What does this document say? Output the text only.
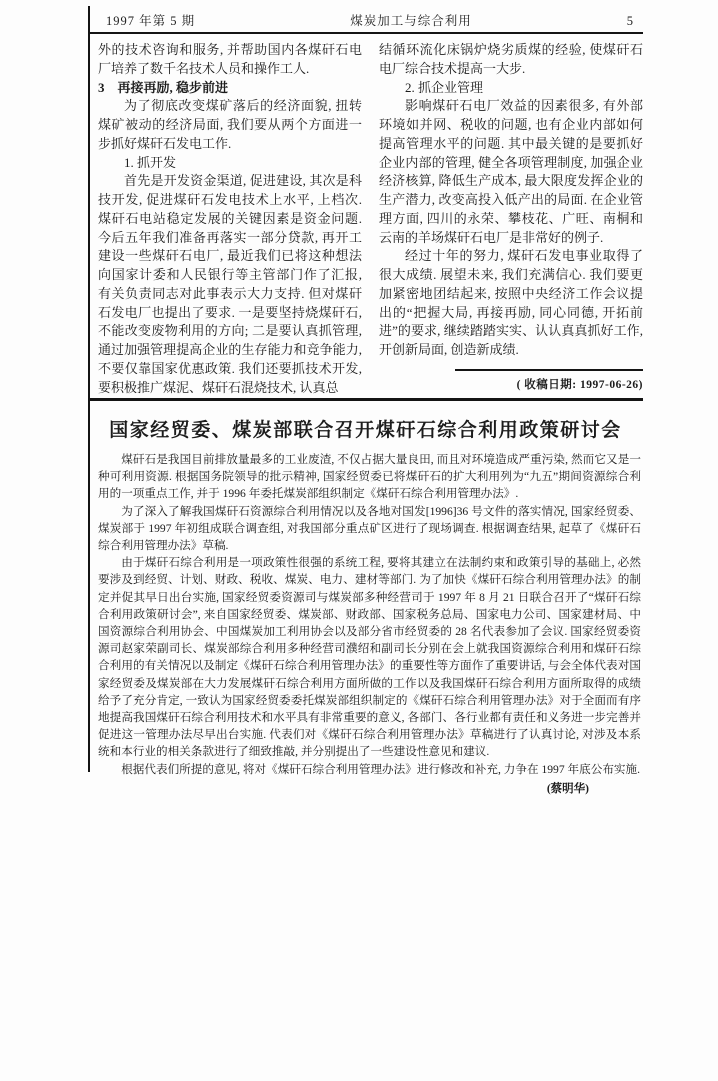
1997 年第 5 期	煤炭加工与综合利用	5

外的技术咨询和服务, 并帮助国内各煤矸石电厂培养了数千名技术人员和操作工人.

3　再接再励, 稳步前进

为了彻底改变煤矿落后的经济面貌, 扭转煤矿被动的经济局面, 我们要从两个方面进一步抓好煤矸石发电工作.

1. 抓开发

首先是开发资金渠道, 促进建设, 其次是科技开发, 促进煤矸石发电技术上水平, 上档次. 煤矸石电站稳定发展的关键因素是资金问题. 今后五年我们准备再落实一部分贷款, 再开工建设一些煤矸石电厂, 最近我们已将这种想法向国家计委和人民银行等主管部门作了汇报, 有关负责同志对此事表示大力支持. 但对煤矸石发电厂也提出了要求. 一是要坚持烧煤矸石, 不能改变废物利用的方向; 二是要认真抓管理, 通过加强管理提高企业的生存能力和竞争能力, 不要仅靠国家优惠政策. 我们还要抓技术开发, 要积极推广煤泥、煤矸石混烧技术, 认真总

结循环流化床锅炉烧劣质煤的经验, 使煤矸石电厂综合技术提高一大步.

2. 抓企业管理

影响煤矸石电厂效益的因素很多, 有外部环境如并网、税收的问题, 也有企业内部如何提高管理水平的问题. 其中最关键的是要抓好企业内部的管理, 健全各项管理制度, 加强企业经济核算, 降低生产成本, 最大限度发挥企业的生产潜力, 改变高投入低产出的局面. 在企业管理方面, 四川的永荣、攀枝花、广旺、南桐和云南的羊场煤矸石电厂是非常好的例子.

经过十年的努力, 煤矸石发电事业取得了很大成绩. 展望未来, 我们充满信心. 我们要更加紧密地团结起来, 按照中央经济工作会议提出的“把握大局, 再接再励, 同心同德, 开拓前进”的要求, 继续踏踏实实、认认真真抓好工作, 开创新局面, 创造新成绩.

( 收稿日期: 1997-06-26)

国家经贸委、煤炭部联合召开煤矸石综合利用政策研讨会

煤矸石是我国目前排放量最多的工业废渣, 不仅占据大量良田, 而且对环境造成严重污染, 然而它又是一种可利用资源. 根据国务院领导的批示精神, 国家经贸委已将煤矸石的扩大利用列为“九五”期间资源综合利用的一项重点工作, 并于 1996 年委托煤炭部组织制定《煤矸石综合利用管理办法》.

为了深入了解我国煤矸石资源综合利用情况以及各地对国发[1996]36 号文件的落实情况, 国家经贸委、煤炭部于 1997 年初组成联合调查组, 对我国部分重点矿区进行了现场调查. 根据调查结果, 起草了《煤矸石综合利用管理办法》草稿.

由于煤矸石综合利用是一项政策性很强的系统工程, 要将其建立在法制约束和政策引导的基础上, 必然要涉及到经贸、计划、财政、税收、煤炭、电力、建材等部门. 为了加快《煤矸石综合利用管理办法》的制定并促其早日出台实施, 国家经贸委资源司与煤炭部多种经营司于 1997 年 8 月 21 日联合召开了“煤矸石综合利用政策研讨会”, 来自国家经贸委、煤炭部、财政部、国家税务总局、国家电力公司、国家建材局、中国资源综合利用协会、中国煤炭加工利用协会以及部分省市经贸委的 28 名代表参加了会议. 国家经贸委资源司赵家荣副司长、煤炭部综合利用多种经营司濮绍和副司长分别在会上就我国资源综合利用和煤矸石综合利用的有关情况以及制定《煤矸石综合利用管理办法》的重要性等方面作了重要讲话, 与会全体代表对国家经贸委及煤炭部在大力发展煤矸石综合利用方面所做的工作以及我国煤矸石综合利用方面所取得的成绩给予了充分肯定, 一致认为国家经贸委委托煤炭部组织制定的《煤矸石综合利用管理办法》对于全面而有序地提高我国煤矸石综合利用技术和水平具有非常重要的意义, 各部门、各行业都有责任和义务进一步完善并促进这一管理办法尽早出台实施. 代表们对《煤矸石综合利用管理办法》草稿进行了认真讨论, 对涉及本系统和本行业的相关条款进行了细致推敲, 并分别提出了一些建设性意见和建议.

根据代表们所提的意见, 将对《煤矸石综合利用管理办法》进行修改和补充, 力争在 1997 年底公布实施.

(蔡明华)
